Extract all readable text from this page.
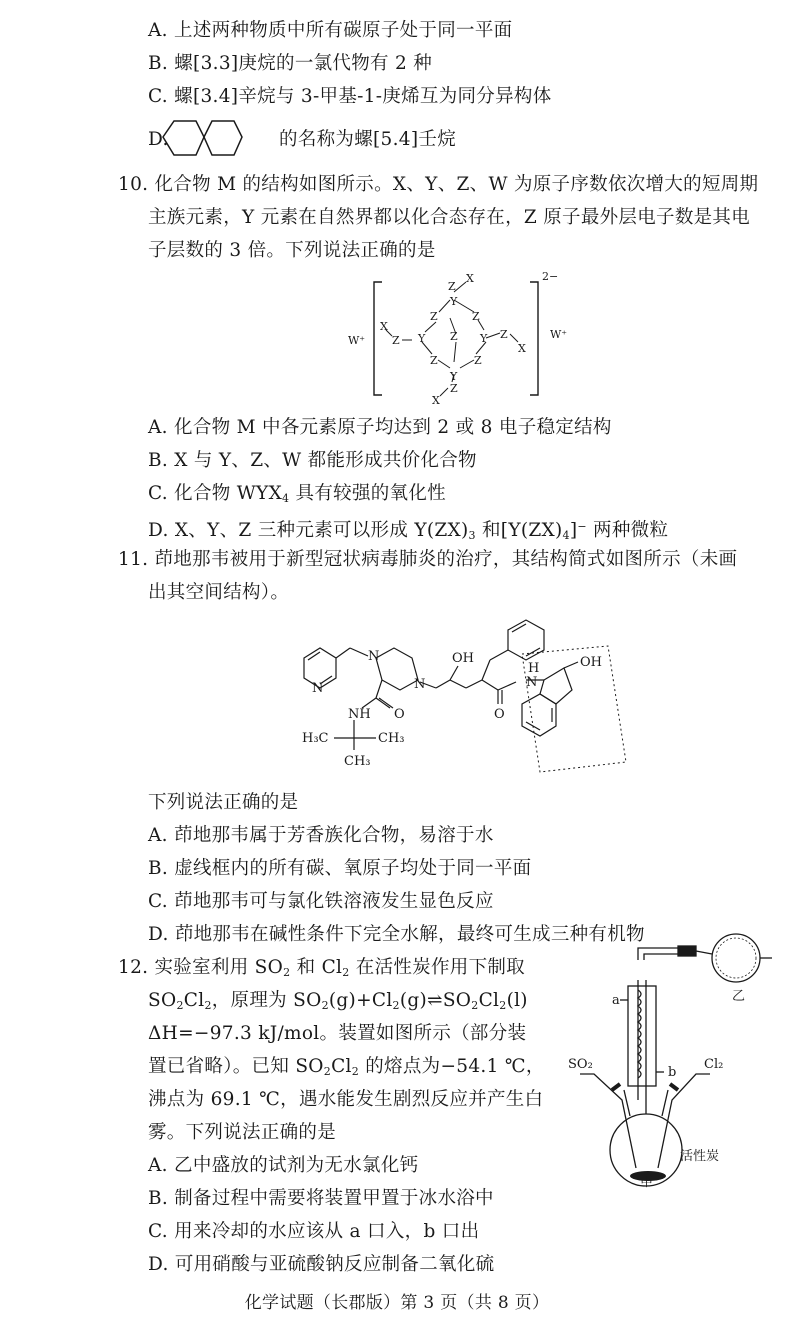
A. 上述两种物质中所有碳原子处于同一平面
B. 螺[3.3]庚烷的一氯代物有 2 种
C. 螺[3.4]辛烷与 3-甲基-1-庚烯互为同分异构体
D.	的名称为螺[5.4]壬烷
10. 化合物 M 的结构如图所示。X、Y、Z、W 为原子序数依次增大的短周期
主族元素，Y 元素在自然界都以化合态存在，Z 原子最外层电子数是其电
子层数的 3 倍。下列说法正确的是
2−
W⁺	W⁺
X
Z
Y
Z	Z
Z
Y	Y Z
X
Z
X
Z	Z
Y
Z
X
A. 化合物 M 中各元素原子均达到 2 或 8 电子稳定结构
B. X 与 Y、Z、W 都能形成共价化合物
C. 化合物 $WYX_4$ 具有较强的氧化性
D. X、Y、Z 三种元素可以形成 $Y(ZX)_3$ 和$[Y(ZX)_4]^-$ 两种微粒
11. 茚地那韦被用于新型冠状病毒肺炎的治疗，其结构简式如图所示（未画
出其空间结构）。
N
N
N
OH	OH
H
N
O
O
NH
H₃C	CH₃
CH₃
下列说法正确的是
A. 茚地那韦属于芳香族化合物，易溶于水
B. 虚线框内的所有碳、氧原子均处于同一平面
C. 茚地那韦可与氯化铁溶液发生显色反应
D. 茚地那韦在碱性条件下完全水解，最终可生成三种有机物
12. 实验室利用 $SO_2$ 和 $Cl_2$ 在活性炭作用下制取
$SO_2Cl_2$，原理为 $SO_2(g)+Cl_2(g)\rightleftharpoons SO_2Cl_2(l)$
ΔH=−97.3 kJ/mol。装置如图所示（部分装
置已省略）。已知 $SO_2Cl_2$ 的熔点为−54.1 ℃，
沸点为 69.1 ℃，遇水能发生剧烈反应并产生白
雾。下列说法正确的是
A. 乙中盛放的试剂为无水氯化钙
B. 制备过程中需要将装置甲置于冰水浴中
C. 用来冷却的水应该从 a 口入，b 口出
D. 可用硝酸与亚硫酸钠反应制备二氧化硫
乙
a
b
SO₂	Cl₂
活性炭
甲
化学试题（长郡版）第 3 页（共 8 页）
